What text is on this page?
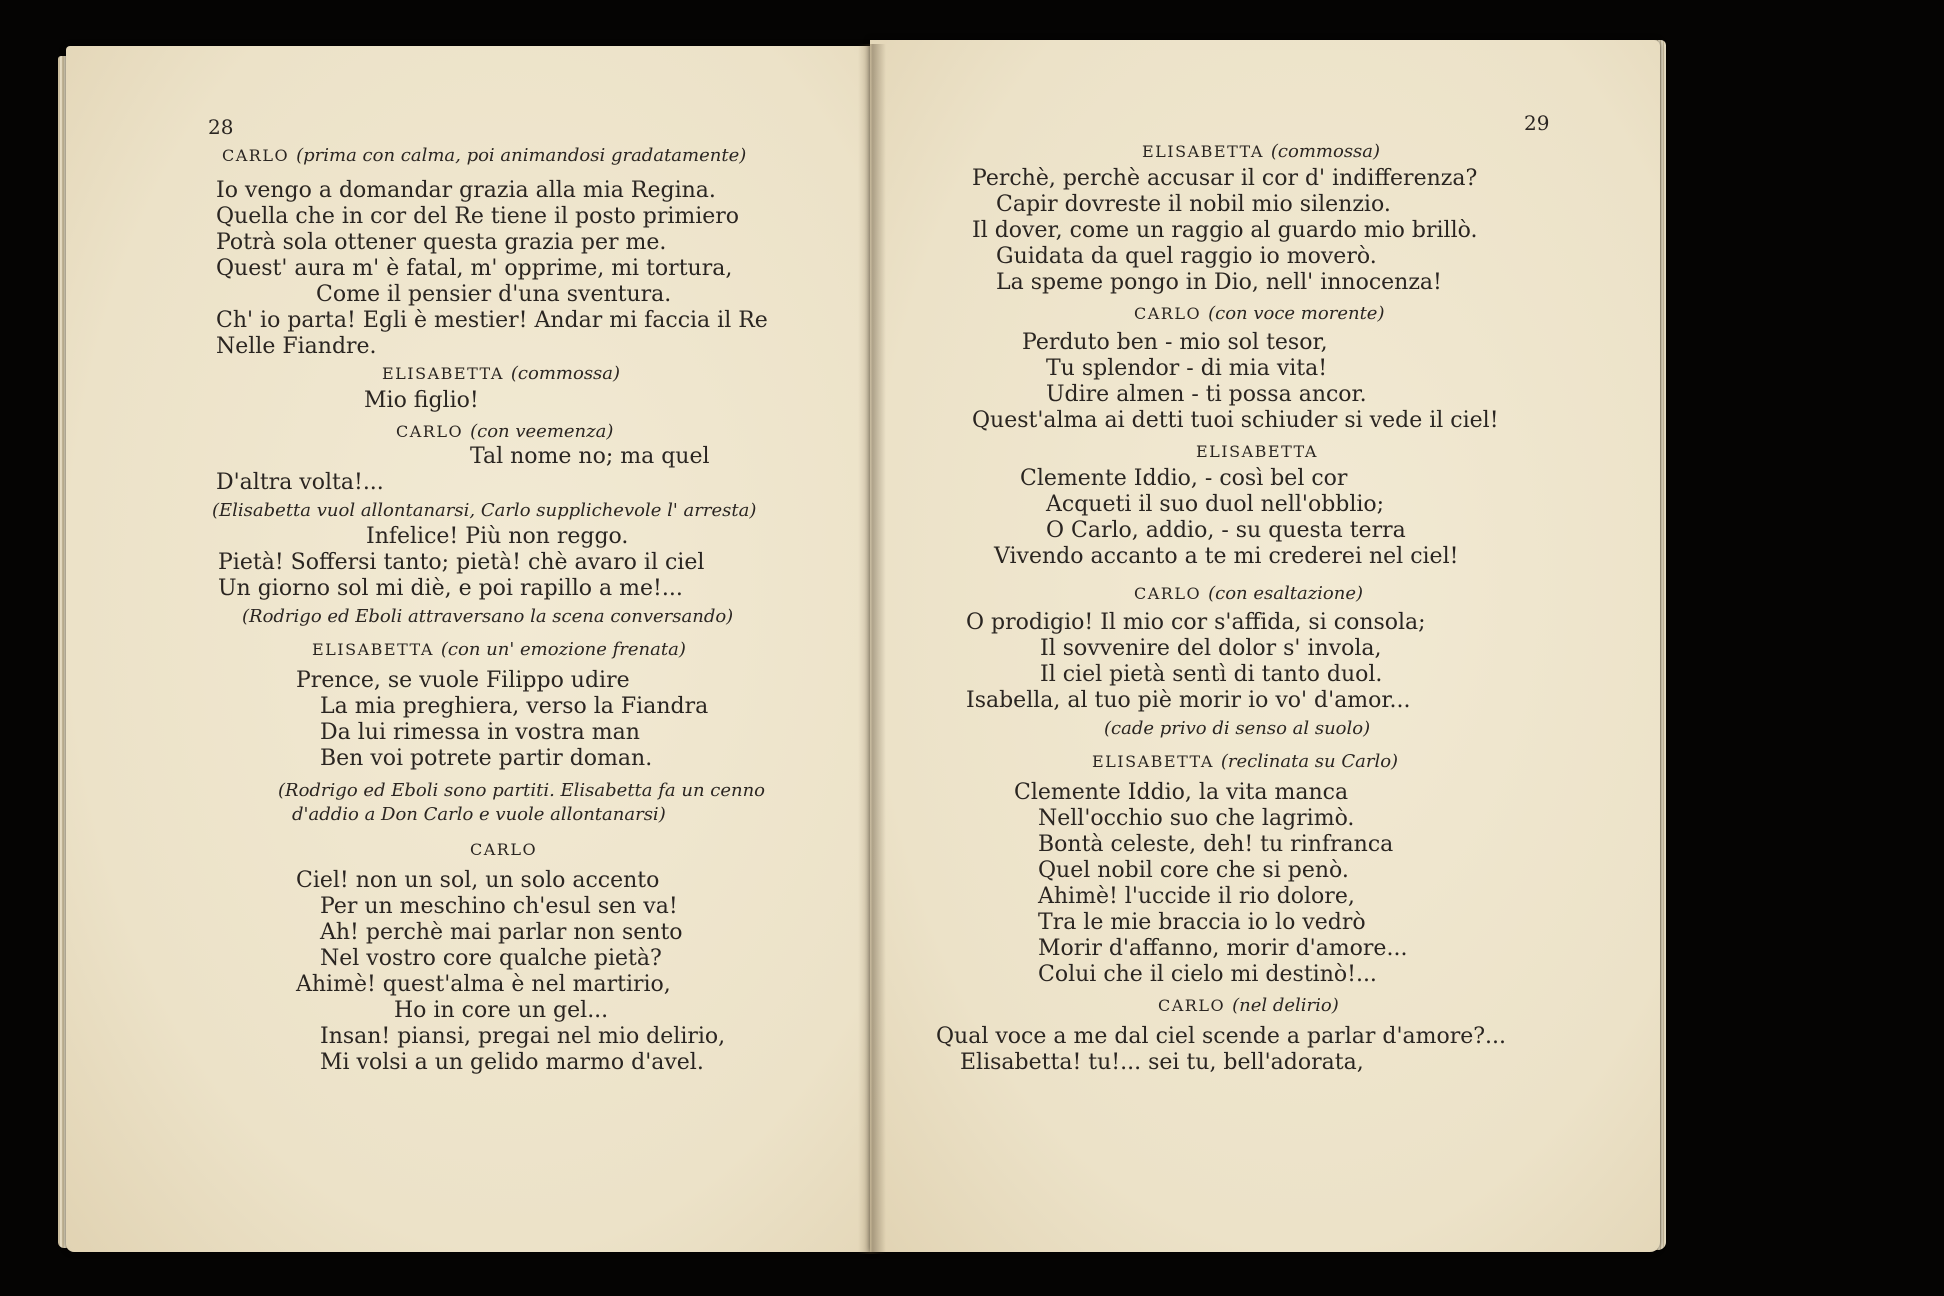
28
CARLO (prima con calma, poi animandosi gradatamente)
Io vengo a domandar grazia alla mia Regina.
Quella che in cor del Re tiene il posto primiero
Potrà sola ottener questa grazia per me.
Quest' aura m' è fatal, m' opprime, mi tortura,
Come il pensier d'una sventura.
Ch' io parta! Egli è mestier! Andar mi faccia il Re
Nelle Fiandre.
ELISABETTA (commossa)
Mio figlio!
CARLO (con veemenza)
Tal nome no; ma quel
D'altra volta!...
(Elisabetta vuol allontanarsi, Carlo supplichevole l' arresta)
Infelice! Più non reggo.
Pietà! Soffersi tanto; pietà! chè avaro il ciel
Un giorno sol mi diè, e poi rapillo a me!...
(Rodrigo ed Eboli attraversano la scena conversando)
ELISABETTA (con un' emozione frenata)
Prence, se vuole Filippo udire
La mia preghiera, verso la Fiandra
Da lui rimessa in vostra man
Ben voi potrete partir doman.
(Rodrigo ed Eboli sono partiti. Elisabetta fa un cenno
d'addio a Don Carlo e vuole allontanarsi)
CARLO
Ciel! non un sol, un solo accento
Per un meschino ch'esul sen va!
Ah! perchè mai parlar non sento
Nel vostro core qualche pietà?
Ahimè! quest'alma è nel martirio,
Ho in core un gel...
Insan! piansi, pregai nel mio delirio,
Mi volsi a un gelido marmo d'avel.
29
ELISABETTA (commossa)
Perchè, perchè accusar il cor d' indifferenza?
Capir dovreste il nobil mio silenzio.
Il dover, come un raggio al guardo mio brillò.
Guidata da quel raggio io moverò.
La speme pongo in Dio, nell' innocenza!
CARLO (con voce morente)
Perduto ben - mio sol tesor,
Tu splendor - di mia vita!
Udire almen - ti possa ancor.
Quest'alma ai detti tuoi schiuder si vede il ciel!
ELISABETTA
Clemente Iddio, - così bel cor
Acqueti il suo duol nell'obblio;
O Carlo, addio, - su questa terra
Vivendo accanto a te mi crederei nel ciel!
CARLO (con esaltazione)
O prodigio! Il mio cor s'affida, si consola;
Il sovvenire del dolor s' invola,
Il ciel pietà sentì di tanto duol.
Isabella, al tuo piè morir io vo' d'amor...
(cade privo di senso al suolo)
ELISABETTA (reclinata su Carlo)
Clemente Iddio, la vita manca
Nell'occhio suo che lagrimò.
Bontà celeste, deh! tu rinfranca
Quel nobil core che si penò.
Ahimè! l'uccide il rio dolore,
Tra le mie braccia io lo vedrò
Morir d'affanno, morir d'amore...
Colui che il cielo mi destinò!...
CARLO (nel delirio)
Qual voce a me dal ciel scende a parlar d'amore?...
Elisabetta! tu!... sei tu, bell'adorata,
